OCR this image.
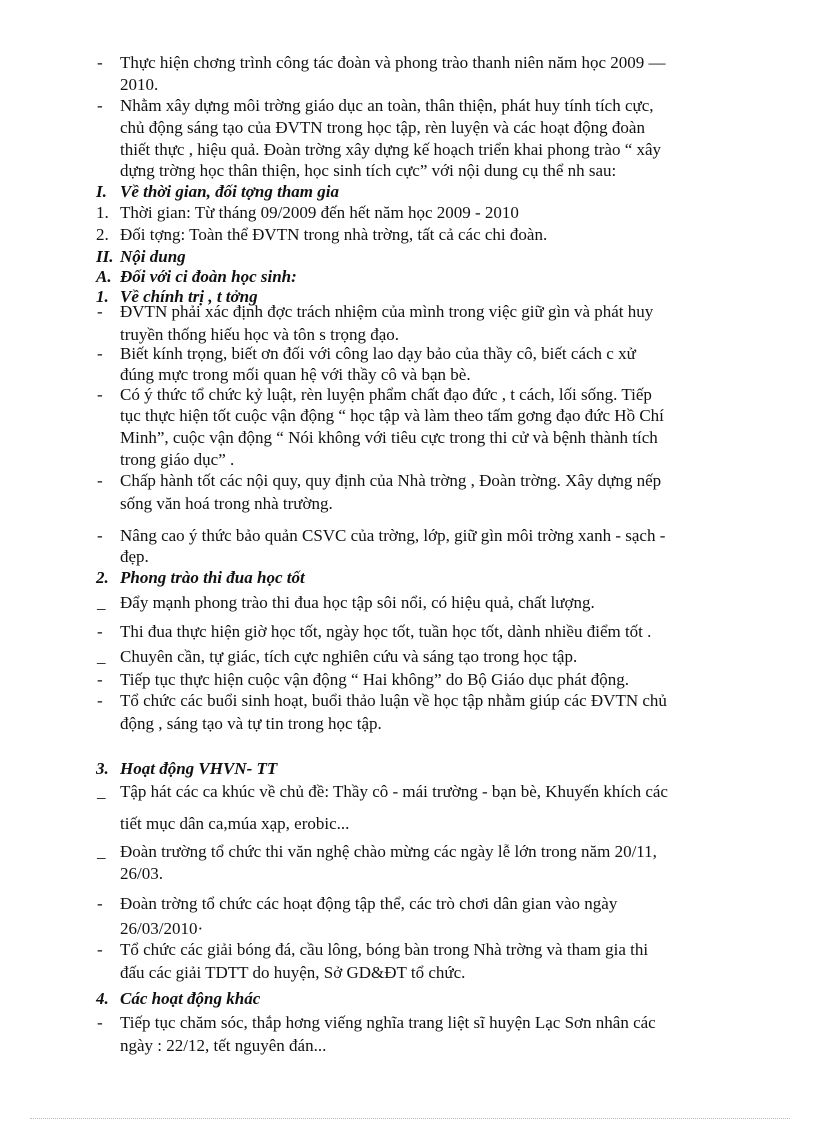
- Thực hiện chơng trình công tác đoàn và phong trào thanh niên năm học 2009 —
2010.
- Nhằm xây dựng môi trờng giáo dục an toàn, thân thiện, phát huy tính tích cực,
chủ động sáng tạo của ĐVTN trong học tập, rèn luyện và các hoạt động đoàn
thiết thực , hiệu quả. Đoàn trờng xây dựng kế hoạch triển khai phong trào “ xây
dựng trờng học thân thiện, học sinh tích cực” với nội dung cụ thể nh sau:
I. Về thời gian, đối tợng tham gia
1. Thời gian: Từ tháng 09/2009 đến hết năm học 2009 - 2010
2. Đối tợng: Toàn thể ĐVTN trong nhà trờng, tất cả các chi đoàn.
II. Nội dung
A. Đối với ci đoàn học sinh:
1. Về chính trị , t tởng
- ĐVTN phải xác định đợc trách nhiệm của mình trong việc giữ gìn và phát huy
truyền thống hiếu học và tôn s trọng đạo.
- Biết kính trọng, biết ơn đối với công lao dạy bảo của thầy cô, biết cách c xử
đúng mực trong mối quan hệ với thầy cô và bạn bè.
- Có ý thức tổ chức kỷ luật, rèn luyện phẩm chất đạo đức , t cách, lối sống. Tiếp
tục thực hiện tốt cuộc vận động “ học tập và làm theo tấm gơng đạo đức Hồ Chí
Minh”, cuộc vận động “ Nói không với tiêu cực trong thi cử và bệnh thành tích
trong giáo dục” .
- Chấp hành tốt các nội quy, quy định của Nhà trờng , Đoàn trờng. Xây dựng nếp
sống văn hoá trong nhà trường.
- Nâng cao ý thức bảo quản CSVC của trờng, lớp, giữ gìn môi trờng xanh - sạch -
đẹp.
2. Phong trào thi đua học tốt
_ Đẩy mạnh phong trào thi đua học tập sôi nổi, có hiệu quả, chất lượng.
- Thi đua thực hiện giờ học tốt, ngày học tốt, tuần học tốt, dành nhiều điểm tốt .
_ Chuyên cần, tự giác, tích cực nghiên cứu và sáng tạo trong học tập.
- Tiếp tục thực hiện cuộc vận động “ Hai không” do Bộ Giáo dục phát động.
- Tổ chức các buổi sinh hoạt, buổi thảo luận về học tập nhằm giúp các ĐVTN chủ
động , sáng tạo và tự tin trong học tập.
3. Hoạt động VHVN- TT
_ Tập hát các ca khúc về chủ đề: Thầy cô - mái trường - bạn bè, Khuyến khích các
tiết mục dân ca,múa xạp, erobic...
_ Đoàn trường tổ chức thi văn nghệ chào mừng các ngày lễ lớn trong năm 20/11,
26/03.
- Đoàn trờng tổ chức các hoạt động tập thể, các trò chơi dân gian vào ngày
26/03/2010·
- Tổ chức các giải bóng đá, cầu lông, bóng bàn trong Nhà trờng và tham gia thi
đấu các giải TDTT do huyện, Sở GD&ĐT tổ chức.
4. Các hoạt động khác
- Tiếp tục chăm sóc, thắp hơng viếng nghĩa trang liệt sĩ huyện Lạc Sơn nhân các
ngày : 22/12, tết nguyên đán...
